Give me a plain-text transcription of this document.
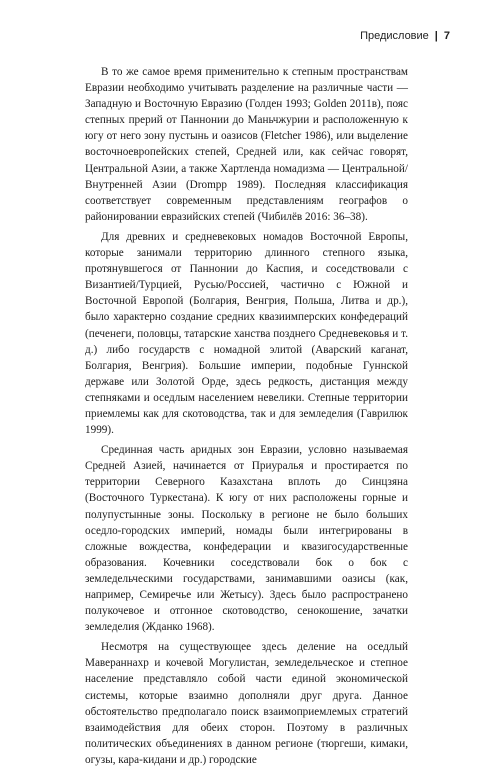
Предисловие | 7

В то же самое время применительно к степным пространствам Евразии необходимо учитывать разделение на различные части — Западную и Восточную Евразию (Голден 1993; Golden 2011в), пояс степных прерий от Паннонии до Маньчжурии и расположенную к югу от него зону пустынь и оазисов (Fletcher 1986), или выделение восточноевропейских степей, Средней или, как сейчас говорят, Центральной Азии, а также Хартленда номадизма — Центральной/ Внутренней Азии (Drompp 1989). Последняя классификация соответствует современным представлениям географов о районировании евразийских степей (Чибилёв 2016: 36–38).

Для древних и средневековых номадов Восточной Европы, которые занимали территорию длинного степного языка, протянувшегося от Паннонии до Каспия, и соседствовали с Византией/Турцией, Русью/Россией, частично с Южной и Восточной Европой (Болгария, Венгрия, Польша, Литва и др.), было характерно создание средних квазиимперских конфедераций (печенеги, половцы, татарские ханства позднего Средневековья и т. д.) либо государств с номадной элитой (Аварский каганат, Болгария, Венгрия). Большие империи, подобные Гуннской державе или Золотой Орде, здесь редкость, дистанция между степняками и оседлым населением невелики. Степные территории приемлемы как для скотоводства, так и для земледелия (Гаврилюк 1999).

Срединная часть аридных зон Евразии, условно называемая Средней Азией, начинается от Приуралья и простирается по территории Северного Казахстана вплоть до Синцзяна (Восточного Туркестана). К югу от них расположены горные и полупустынные зоны. Поскольку в регионе не было больших оседло-городских империй, номады были интегрированы в сложные вождества, конфедерации и квазигосударственные образования. Кочевники соседствовали бок о бок с земледельческими государствами, занимавшими оазисы (как, например, Семиречье или Жетысу). Здесь было распространено полукочевое и отгонное скотоводство, сенокошение, зачатки земледелия (Жданко 1968).

Несмотря на существующее здесь деление на оседлый Мавераннахр и кочевой Могулистан, земледельческое и степное население представляло собой части единой экономической системы, которые взаимно дополняли друг друга. Данное обстоятельство предполагало поиск взаимоприемлемых стратегий взаимодействия для обеих сторон. Поэтому в различных политических объединениях в данном регионе (тюргеши, кимаки, огузы, кара-кидани и др.) городские
